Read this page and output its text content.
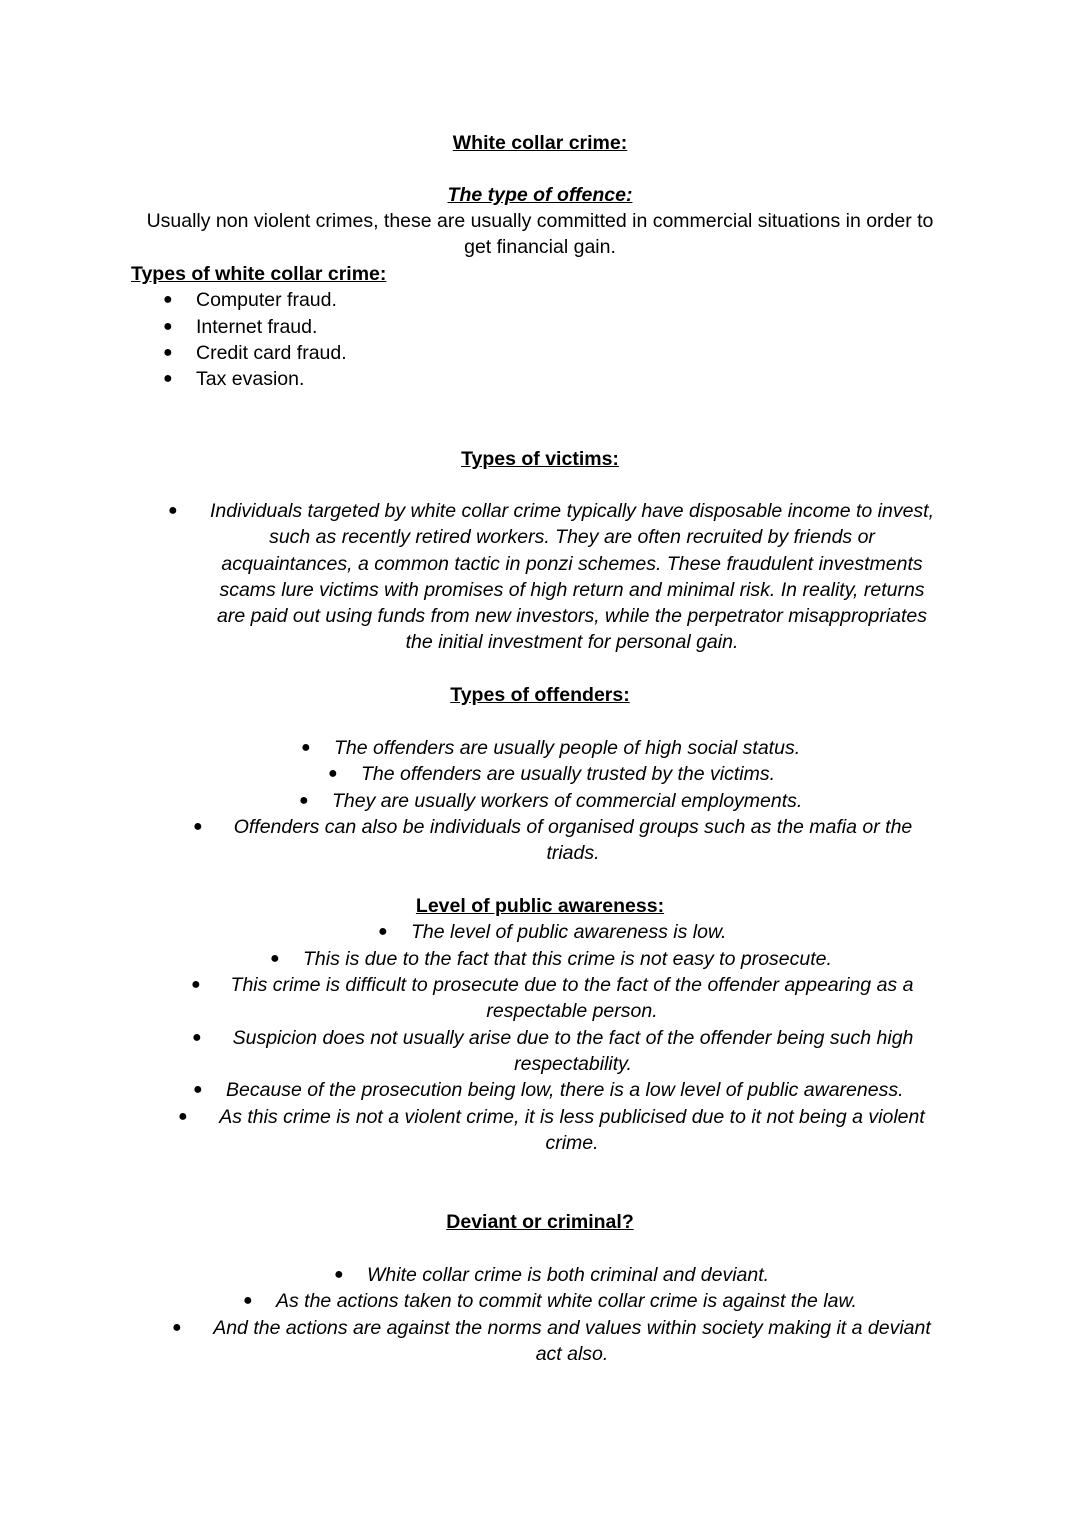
White collar crime:
The type of offence:
Usually non violent crimes, these are usually committed in commercial situations in order to
get financial gain.
Types of white collar crime:
● Computer fraud.
● Internet fraud.
● Credit card fraud.
● Tax evasion.
Types of victims:
●	Individuals targeted by white collar crime typically have disposable income to invest,
such as recently retired workers. They are often recruited by friends or
acquaintances, a common tactic in ponzi schemes. These fraudulent investments
scams lure victims with promises of high return and minimal risk. In reality, returns
are paid out using funds from new investors, while the perpetrator misappropriates
the initial investment for personal gain.
Types of offenders:
● The offenders are usually people of high social status.
● The offenders are usually trusted by the victims.
● They are usually workers of commercial employments.
●	Offenders can also be individuals of organised groups such as the mafia or the
triads.
Level of public awareness:
● The level of public awareness is low.
● This is due to the fact that this crime is not easy to prosecute.
●	This crime is difficult to prosecute due to the fact of the offender appearing as a
respectable person.
●	Suspicion does not usually arise due to the fact of the offender being such high
respectability.
● Because of the prosecution being low, there is a low level of public awareness.
●	As this crime is not a violent crime, it is less publicised due to it not being a violent
crime.
Deviant or criminal?
● White collar crime is both criminal and deviant.
● As the actions taken to commit white collar crime is against the law.
●	And the actions are against the norms and values within society making it a deviant
act also.
